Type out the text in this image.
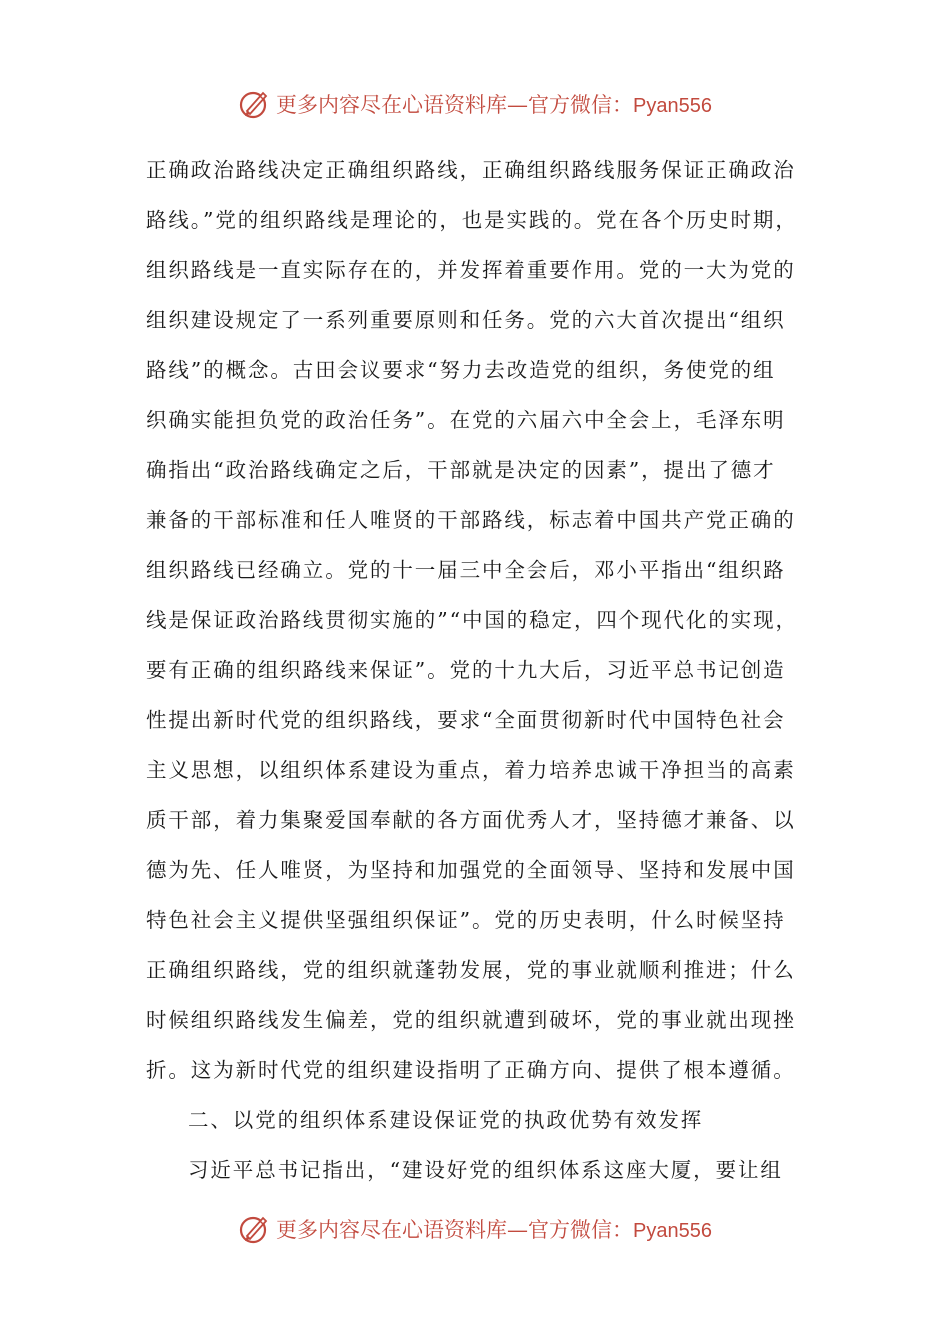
更多内容尽在心语资料库—官方微信：Pyan556
正确政治路线决定正确组织路线，正确组织路线服务保证正确政治
路线。”党的组织路线是理论的，也是实践的。党在各个历史时期，
组织路线是一直实际存在的，并发挥着重要作用。党的一大为党的
组织建设规定了一系列重要原则和任务。党的六大首次提出“组织
路线”的概念。古田会议要求“努力去改造党的组织，务使党的组
织确实能担负党的政治任务”。在党的六届六中全会上，毛泽东明
确指出“政治路线确定之后，干部就是决定的因素”，提出了德才
兼备的干部标准和任人唯贤的干部路线，标志着中国共产党正确的
组织路线已经确立。党的十一届三中全会后，邓小平指出“组织路
线是保证政治路线贯彻实施的”“中国的稳定，四个现代化的实现，
要有正确的组织路线来保证”。党的十九大后，习近平总书记创造
性提出新时代党的组织路线，要求“全面贯彻新时代中国特色社会
主义思想，以组织体系建设为重点，着力培养忠诚干净担当的高素
质干部，着力集聚爱国奉献的各方面优秀人才，坚持德才兼备、以
德为先、任人唯贤，为坚持和加强党的全面领导、坚持和发展中国
特色社会主义提供坚强组织保证”。党的历史表明，什么时候坚持
正确组织路线，党的组织就蓬勃发展，党的事业就顺利推进；什么
时候组织路线发生偏差，党的组织就遭到破坏，党的事业就出现挫
折。这为新时代党的组织建设指明了正确方向、提供了根本遵循。
二、以党的组织体系建设保证党的执政优势有效发挥
习近平总书记指出，“建设好党的组织体系这座大厦，要让组
更多内容尽在心语资料库—官方微信：Pyan556
